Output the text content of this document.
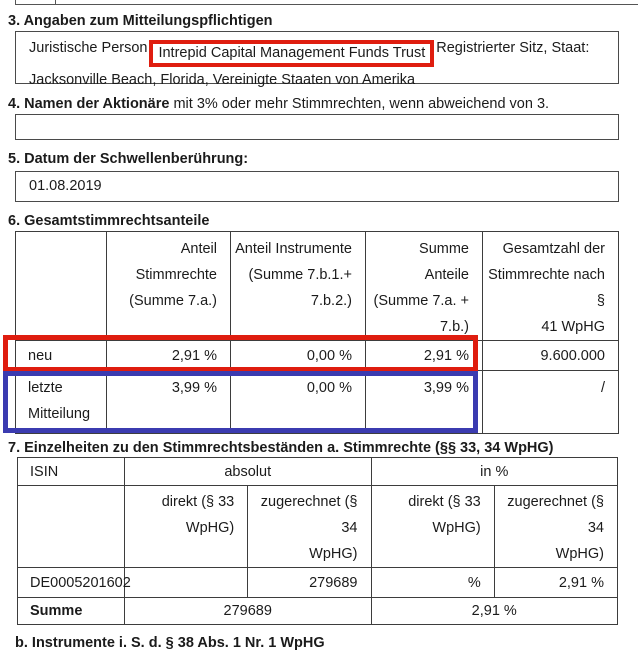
3. Angaben zum Mitteilungspflichtigen
Juristische Person Intrepid Capital Management Funds Trust Registrierter Sitz, Staat:
Jacksonville Beach, Florida, Vereinigte Staaten von Amerika
4. Namen der Aktionäre mit 3% oder mehr Stimmrechten, wenn abweichend von 3.
5. Datum der Schwellenberührung:
01.08.2019
6. Gesamtstimmrechtsanteile
	Anteil
Stimmrechte
(Summe 7.a.)	Anteil Instrumente
(Summe 7.b.1.+
7.b.2.)	Summe
Anteile
(Summe 7.a. +
7.b.)	Gesamtzahl der
Stimmrechte nach §
41 WpHG
neu	2,91 %	0,00 %	2,91 %	9.600.000
letzte
Mitteilung	3,99 %	0,00 %	3,99 %	/
7. Einzelheiten zu den Stimmrechtsbeständen a. Stimmrechte (§§ 33, 34 WpHG)
ISIN	absolut		in %	
	direkt (§ 33
WpHG)	zugerechnet (§ 34
WpHG)	direkt (§ 33
WpHG)	zugerechnet (§ 34
WpHG)
DE0005201602		279689	%	2,91 %
Summe	279689		2,91 %	
b. Instrumente i. S. d. § 38 Abs. 1 Nr. 1 WpHG
